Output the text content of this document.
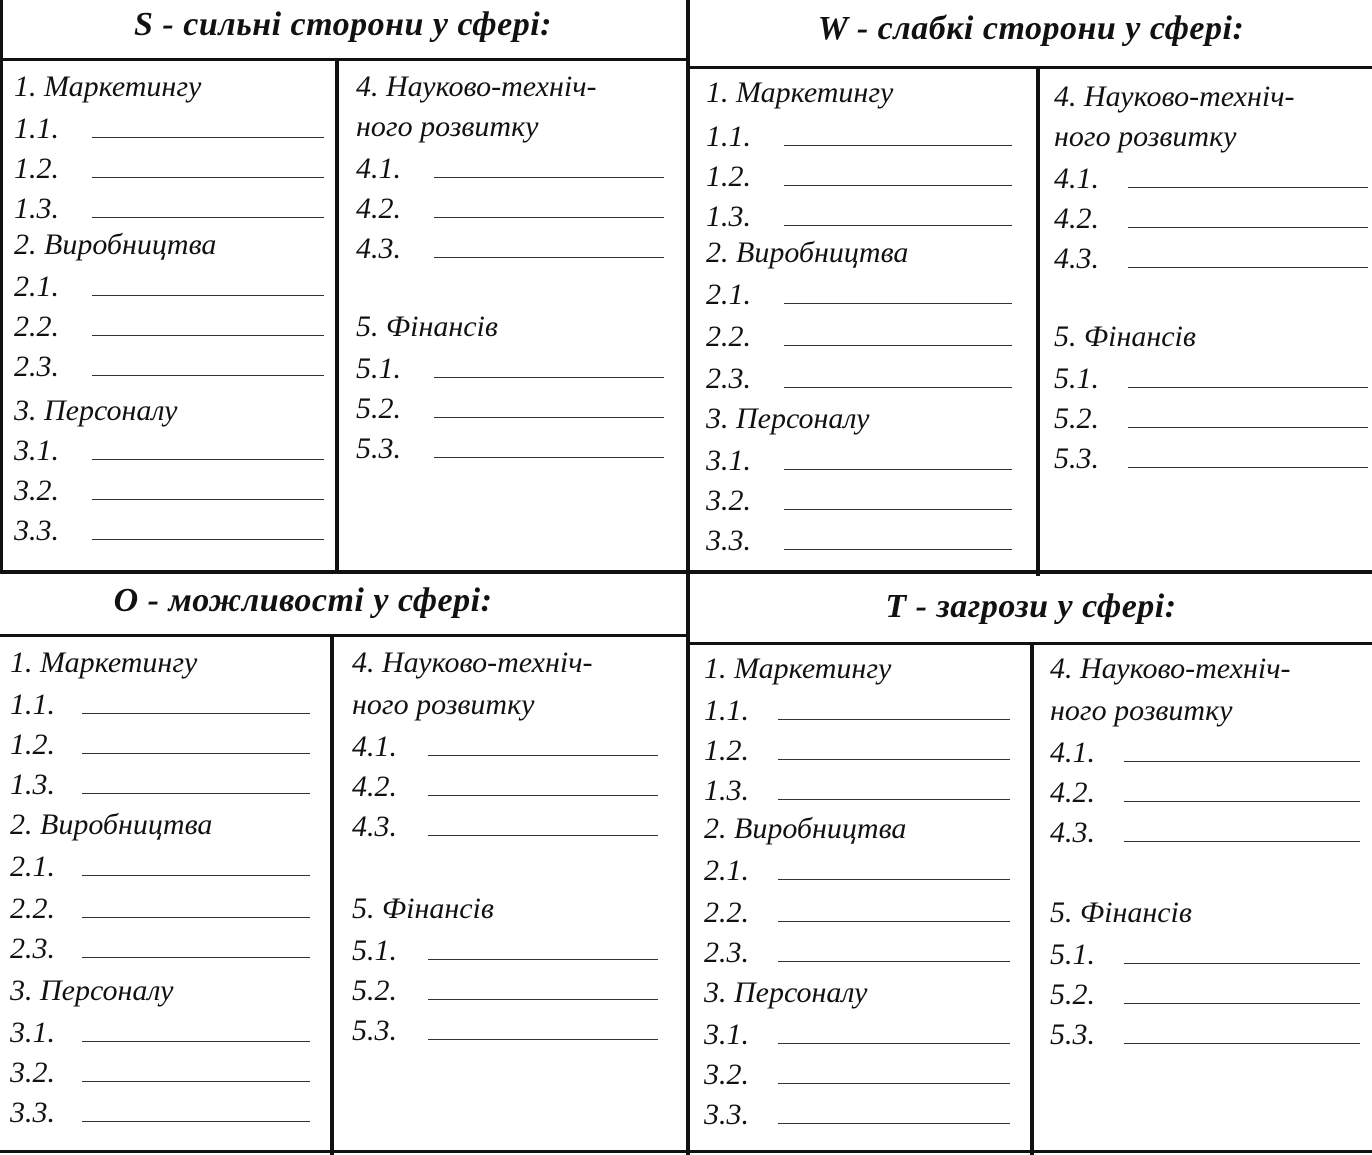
S - сильні сторони у сфері:
1. Маркетингу
1.1.
1.2.
1.3.
2. Виробництва
2.1.
2.2.
2.3.
3. Персоналу
3.1.
3.2.
3.3.
4. Науково-техніч-
ного розвитку
4.1.
4.2.
4.3.
5. Фінансів
5.1.
5.2.
5.3.
W - слабкі сторони у сфері:
1. Маркетингу
1.1.
1.2.
1.3.
2. Виробництва
2.1.
2.2.
2.3.
3. Персоналу
3.1.
3.2.
3.3.
4. Науково-техніч-
ного розвитку
4.1.
4.2.
4.3.
5. Фінансів
5.1.
5.2.
5.3.
O - можливості у сфері:
1. Маркетингу
1.1.
1.2.
1.3.
2. Виробництва
2.1.
2.2.
2.3.
3. Персоналу
3.1.
3.2.
3.3.
4. Науково-техніч-
ного розвитку
4.1.
4.2.
4.3.
5. Фінансів
5.1.
5.2.
5.3.
T - загрози у сфері:
1. Маркетингу
1.1.
1.2.
1.3.
2. Виробництва
2.1.
2.2.
2.3.
3. Персоналу
3.1.
3.2.
3.3.
4. Науково-техніч-
ного розвитку
4.1.
4.2.
4.3.
5. Фінансів
5.1.
5.2.
5.3.
